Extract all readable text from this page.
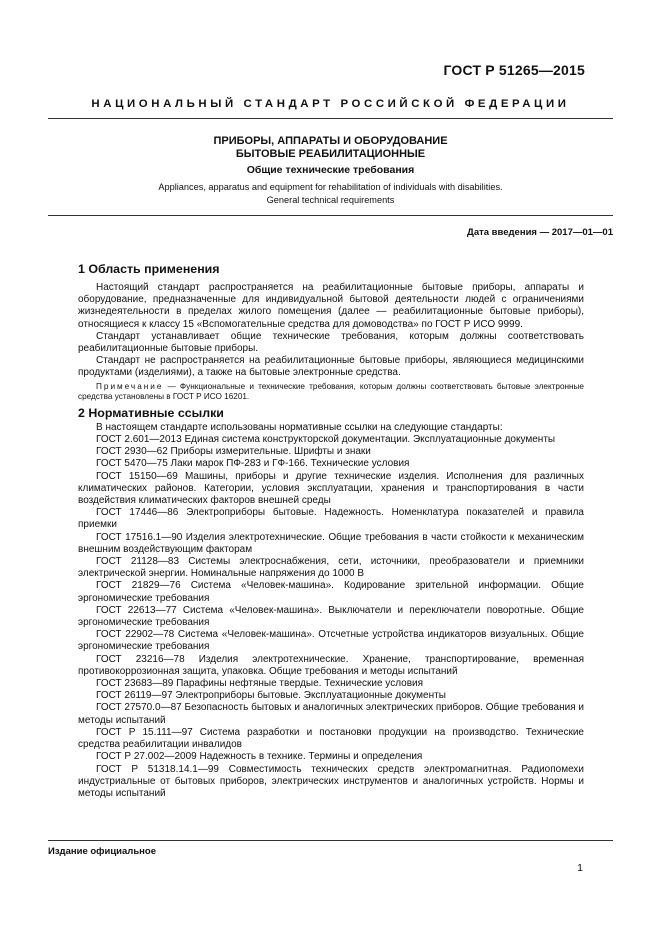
ГОСТ Р 51265—2015
НАЦИОНАЛЬНЫЙ СТАНДАРТ РОССИЙСКОЙ ФЕДЕРАЦИИ
ПРИБОРЫ, АППАРАТЫ И ОБОРУДОВАНИЕ
БЫТОВЫЕ РЕАБИЛИТАЦИОННЫЕ
Общие технические требования
Appliances, apparatus and equipment for rehabilitation of individuals with disabilities.
General technical requirements
Дата введения — 2017—01—01
1 Область применения

Настоящий стандарт распространяется на реабилитационные бытовые приборы, аппараты и оборудование, предназначенные для индивидуальной бытовой деятельности людей с ограничениями жизнедеятельности в пределах жилого помещения (далее — реабилитационные бытовые приборы), относящиеся к классу 15 «Вспомогательные средства для домоводства» по ГОСТ Р ИСО 9999.

Стандарт устанавливает общие технические требования, которым должны соответствовать реабилитационные бытовые приборы.

Стандарт не распространяется на реабилитационные бытовые приборы, являющиеся медицинскими продуктами (изделиями), а также на бытовые электронные средства.

Примечание — Функциональные и технические требования, которым должны соответствовать бытовые электронные средства установлены в ГОСТ Р ИСО 16201.

2 Нормативные ссылки

В настоящем стандарте использованы нормативные ссылки на следующие стандарты:

ГОСТ 2.601—2013 Единая система конструкторской документации. Эксплуатационные документы

ГОСТ 2930—62 Приборы измерительные. Шрифты и знаки

ГОСТ 5470—75 Лаки марок ПФ-283 и ГФ-166. Технические условия

ГОСТ 15150—69 Машины, приборы и другие технические изделия. Исполнения для различных климатических районов. Категории, условия эксплуатации, хранения и транспортирования в части воздействия климатических факторов внешней среды

ГОСТ 17446—86 Электроприборы бытовые. Надежность. Номенклатура показателей и правила приемки

ГОСТ 17516.1—90 Изделия электротехнические. Общие требования в части стойкости к механическим внешним воздействующим факторам

ГОСТ 21128—83 Системы электроснабжения, сети, источники, преобразователи и приемники электрической энергии. Номинальные напряжения до 1000 В

ГОСТ 21829—76 Система «Человек-машина». Кодирование зрительной информации. Общие эргономические требования

ГОСТ 22613—77 Система «Человек-машина». Выключатели и переключатели поворотные. Общие эргономические требования

ГОСТ 22902—78 Система «Человек-машина». Отсчетные устройства индикаторов визуальных. Общие эргономические требования

ГОСТ 23216—78 Изделия электротехнические. Хранение, транспортирование, временная противокоррозионная защита, упаковка. Общие требования и методы испытаний

ГОСТ 23683—89 Парафины нефтяные твердые. Технические условия

ГОСТ 26119—97 Электроприборы бытовые. Эксплуатационные документы

ГОСТ 27570.0—87 Безопасность бытовых и аналогичных электрических приборов. Общие требования и методы испытаний

ГОСТ Р 15.111—97 Система разработки и постановки продукции на производство. Технические средства реабилитации инвалидов

ГОСТ Р 27.002—2009 Надежность в технике. Термины и определения

ГОСТ Р 51318.14.1—99 Совместимость технических средств электромагнитная. Радиопомехи индустриальные от бытовых приборов, электрических инструментов и аналогичных устройств. Нормы и методы испытаний

Издание официальное
1
